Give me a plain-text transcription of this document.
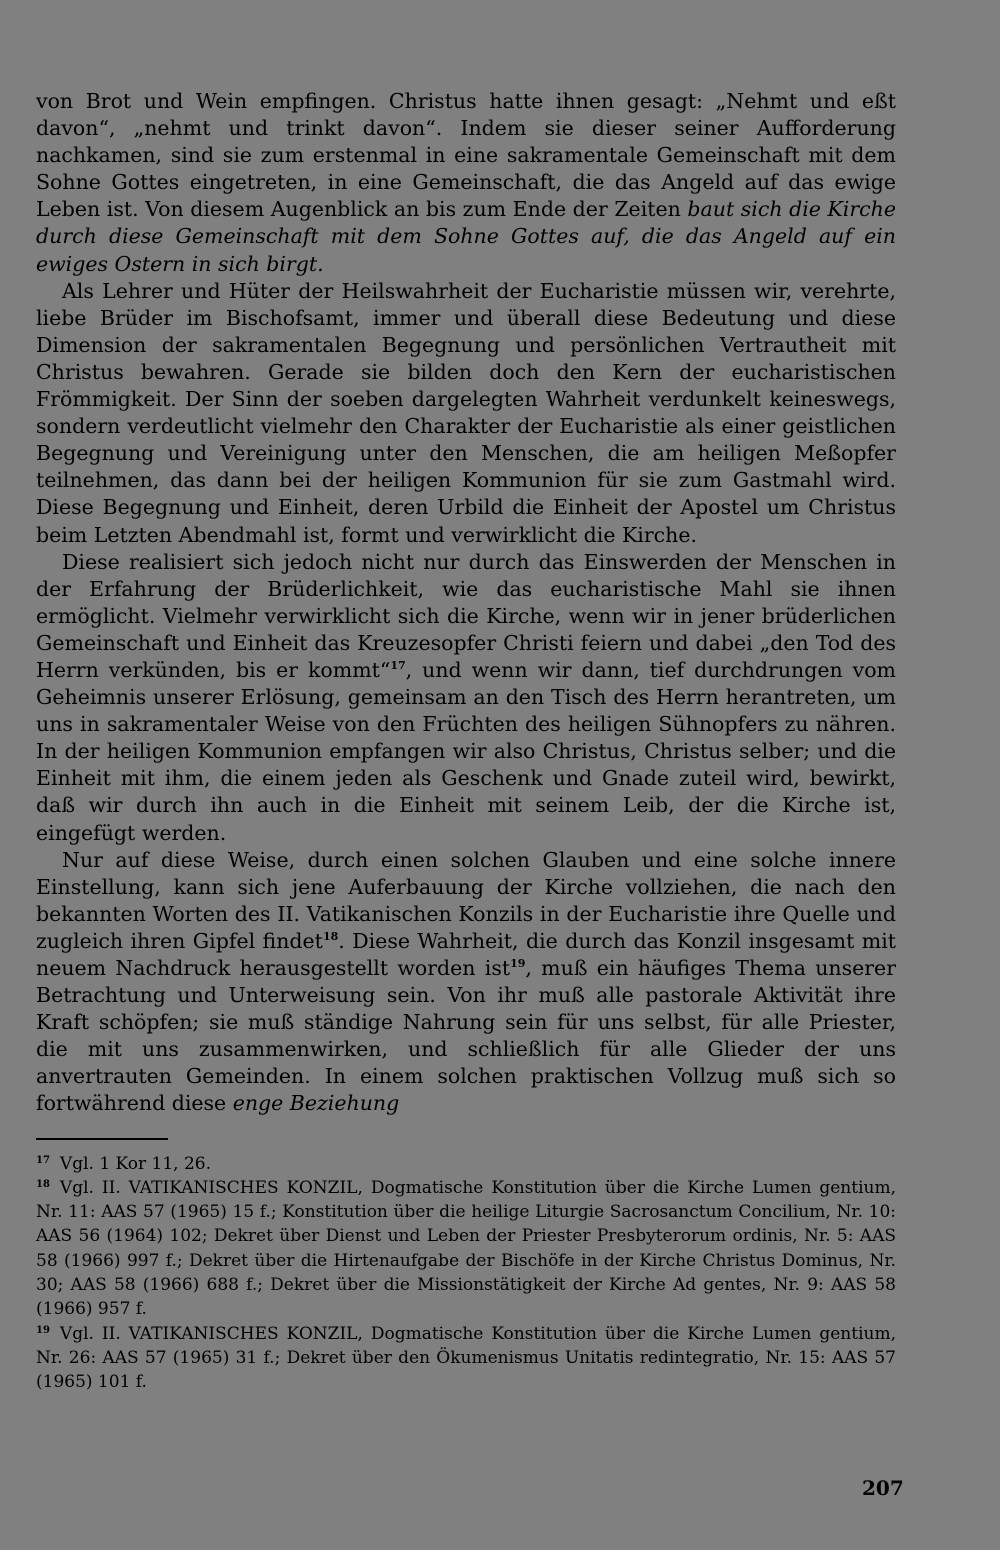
von Brot und Wein empfingen. Christus hatte ihnen gesagt: „Nehmt und eßt davon“, „nehmt und trinkt davon“. Indem sie dieser seiner Aufforderung nachkamen, sind sie zum erstenmal in eine sakramentale Gemeinschaft mit dem Sohne Gottes eingetreten, in eine Gemeinschaft, die das Angeld auf das ewige Leben ist. Von diesem Augenblick an bis zum Ende der Zeiten baut sich die Kirche durch diese Gemeinschaft mit dem Sohne Gottes auf, die das Angeld auf ein ewiges Ostern in sich birgt.

Als Lehrer und Hüter der Heilswahrheit der Eucharistie müssen wir, verehrte, liebe Brüder im Bischofsamt, immer und überall diese Bedeutung und diese Dimension der sakramentalen Begegnung und persönlichen Vertrautheit mit Christus bewahren. Gerade sie bilden doch den Kern der eucharistischen Frömmigkeit. Der Sinn der soeben dargelegten Wahrheit verdunkelt keineswegs, sondern verdeutlicht vielmehr den Charakter der Eucharistie als einer geistlichen Begegnung und Vereinigung unter den Menschen, die am heiligen Meßopfer teilnehmen, das dann bei der heiligen Kommunion für sie zum Gastmahl wird. Diese Begegnung und Einheit, deren Urbild die Einheit der Apostel um Christus beim Letzten Abendmahl ist, formt und verwirklicht die Kirche.

Diese realisiert sich jedoch nicht nur durch das Einswerden der Menschen in der Erfahrung der Brüderlichkeit, wie das eucharistische Mahl sie ihnen ermöglicht. Vielmehr verwirklicht sich die Kirche, wenn wir in jener brüderlichen Gemeinschaft und Einheit das Kreuzesopfer Christi feiern und dabei „den Tod des Herrn verkünden, bis er kommt“$^{17}$, und wenn wir dann, tief durchdrungen vom Geheimnis unserer Erlösung, gemeinsam an den Tisch des Herrn herantreten, um uns in sakramentaler Weise von den Früchten des heiligen Sühnopfers zu nähren. In der heiligen Kommunion empfangen wir also Christus, Christus selber; und die Einheit mit ihm, die einem jeden als Geschenk und Gnade zuteil wird, bewirkt, daß wir durch ihn auch in die Einheit mit seinem Leib, der die Kirche ist, eingefügt werden.

Nur auf diese Weise, durch einen solchen Glauben und eine solche innere Einstellung, kann sich jene Auferbauung der Kirche vollziehen, die nach den bekannten Worten des II. Vatikanischen Konzils in der Eucharistie ihre Quelle und zugleich ihren Gipfel findet$^{18}$. Diese Wahrheit, die durch das Konzil insgesamt mit neuem Nachdruck herausgestellt worden ist$^{19}$, muß ein häufiges Thema unserer Betrachtung und Unterweisung sein. Von ihr muß alle pastorale Aktivität ihre Kraft schöpfen; sie muß ständige Nahrung sein für uns selbst, für alle Priester, die mit uns zusammenwirken, und schließlich für alle Glieder der uns anvertrauten Gemeinden. In einem solchen praktischen Vollzug muß sich so fortwährend diese enge Beziehung

$^{17}$ Vgl. 1 Kor 11, 26.

$^{18}$ Vgl. II. VATIKANISCHES KONZIL, Dogmatische Konstitution über die Kirche Lumen gentium, Nr. 11: AAS 57 (1965) 15 f.; Konstitution über die heilige Liturgie Sacrosanctum Concilium, Nr. 10: AAS 56 (1964) 102; Dekret über Dienst und Leben der Priester Presbyterorum ordinis, Nr. 5: AAS 58 (1966) 997 f.; Dekret über die Hirtenaufgabe der Bischöfe in der Kirche Christus Dominus, Nr. 30; AAS 58 (1966) 688 f.; Dekret über die Missionstätigkeit der Kirche Ad gentes, Nr. 9: AAS 58 (1966) 957 f.

$^{19}$ Vgl. II. VATIKANISCHES KONZIL, Dogmatische Konstitution über die Kirche Lumen gentium, Nr. 26: AAS 57 (1965) 31 f.; Dekret über den Ökumenismus Unitatis redintegratio, Nr. 15: AAS 57 (1965) 101 f.

207
